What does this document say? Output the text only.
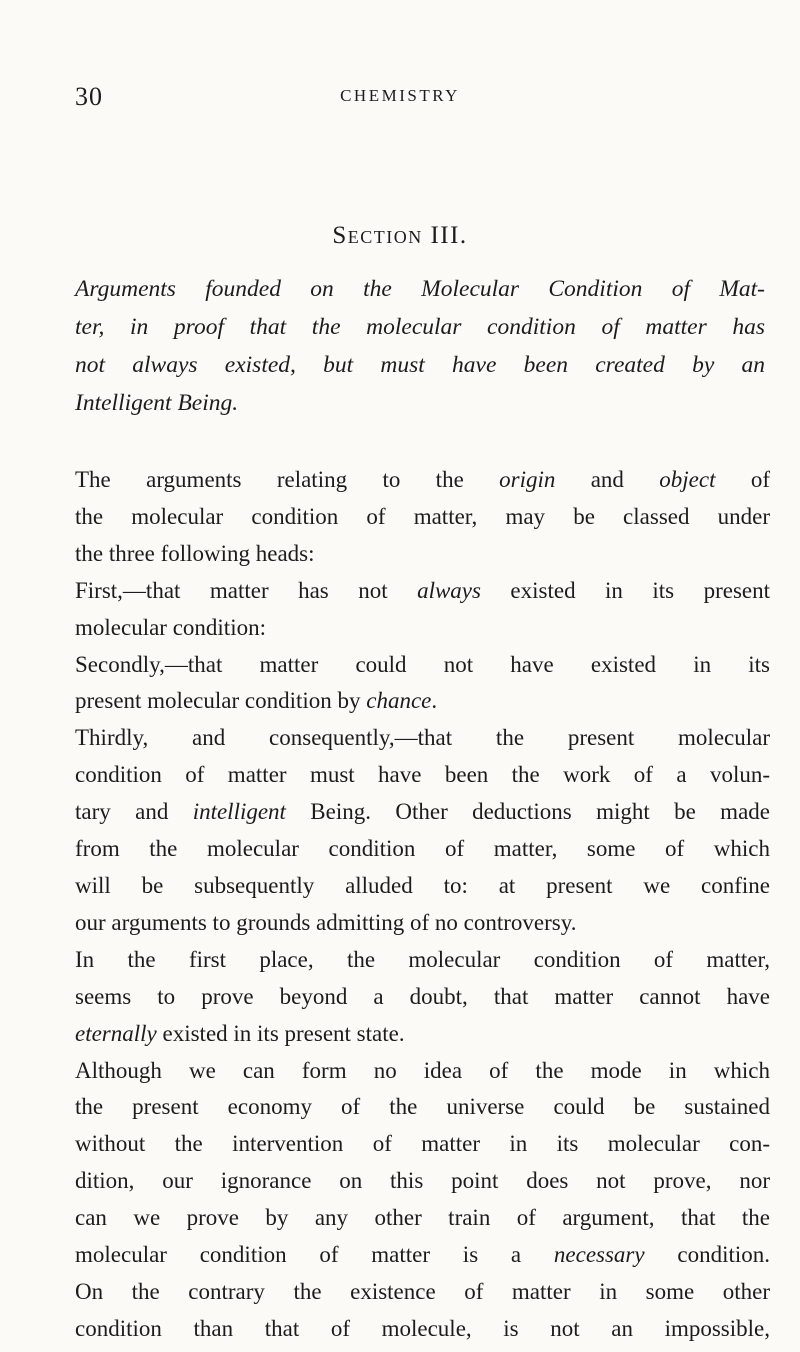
30	CHEMISTRY
Section III.
Arguments founded on the Molecular Condition of Mat-
ter, in proof that the molecular condition of matter has
not always existed, but must have been created by an
Intelligent Being.
The arguments relating to the origin and object of
the molecular condition of matter, may be classed under
the three following heads:
First,—that matter has not always existed in its present
molecular condition:
Secondly,—that matter could not have existed in its
present molecular condition by chance.
Thirdly, and consequently,—that the present molecular
condition of matter must have been the work of a volun-
tary and intelligent Being. Other deductions might be made
from the molecular condition of matter, some of which
will be subsequently alluded to: at present we confine
our arguments to grounds admitting of no controversy.
In the first place, the molecular condition of matter,
seems to prove beyond a doubt, that matter cannot have
eternally existed in its present state.
Although we can form no idea of the mode in which
the present economy of the universe could be sustained
without the intervention of matter in its molecular con-
dition, our ignorance on this point does not prove, nor
can we prove by any other train of argument, that the
molecular condition of matter is a necessary condition.
On the contrary the existence of matter in some other
condition than that of molecule, is not an impossible,
